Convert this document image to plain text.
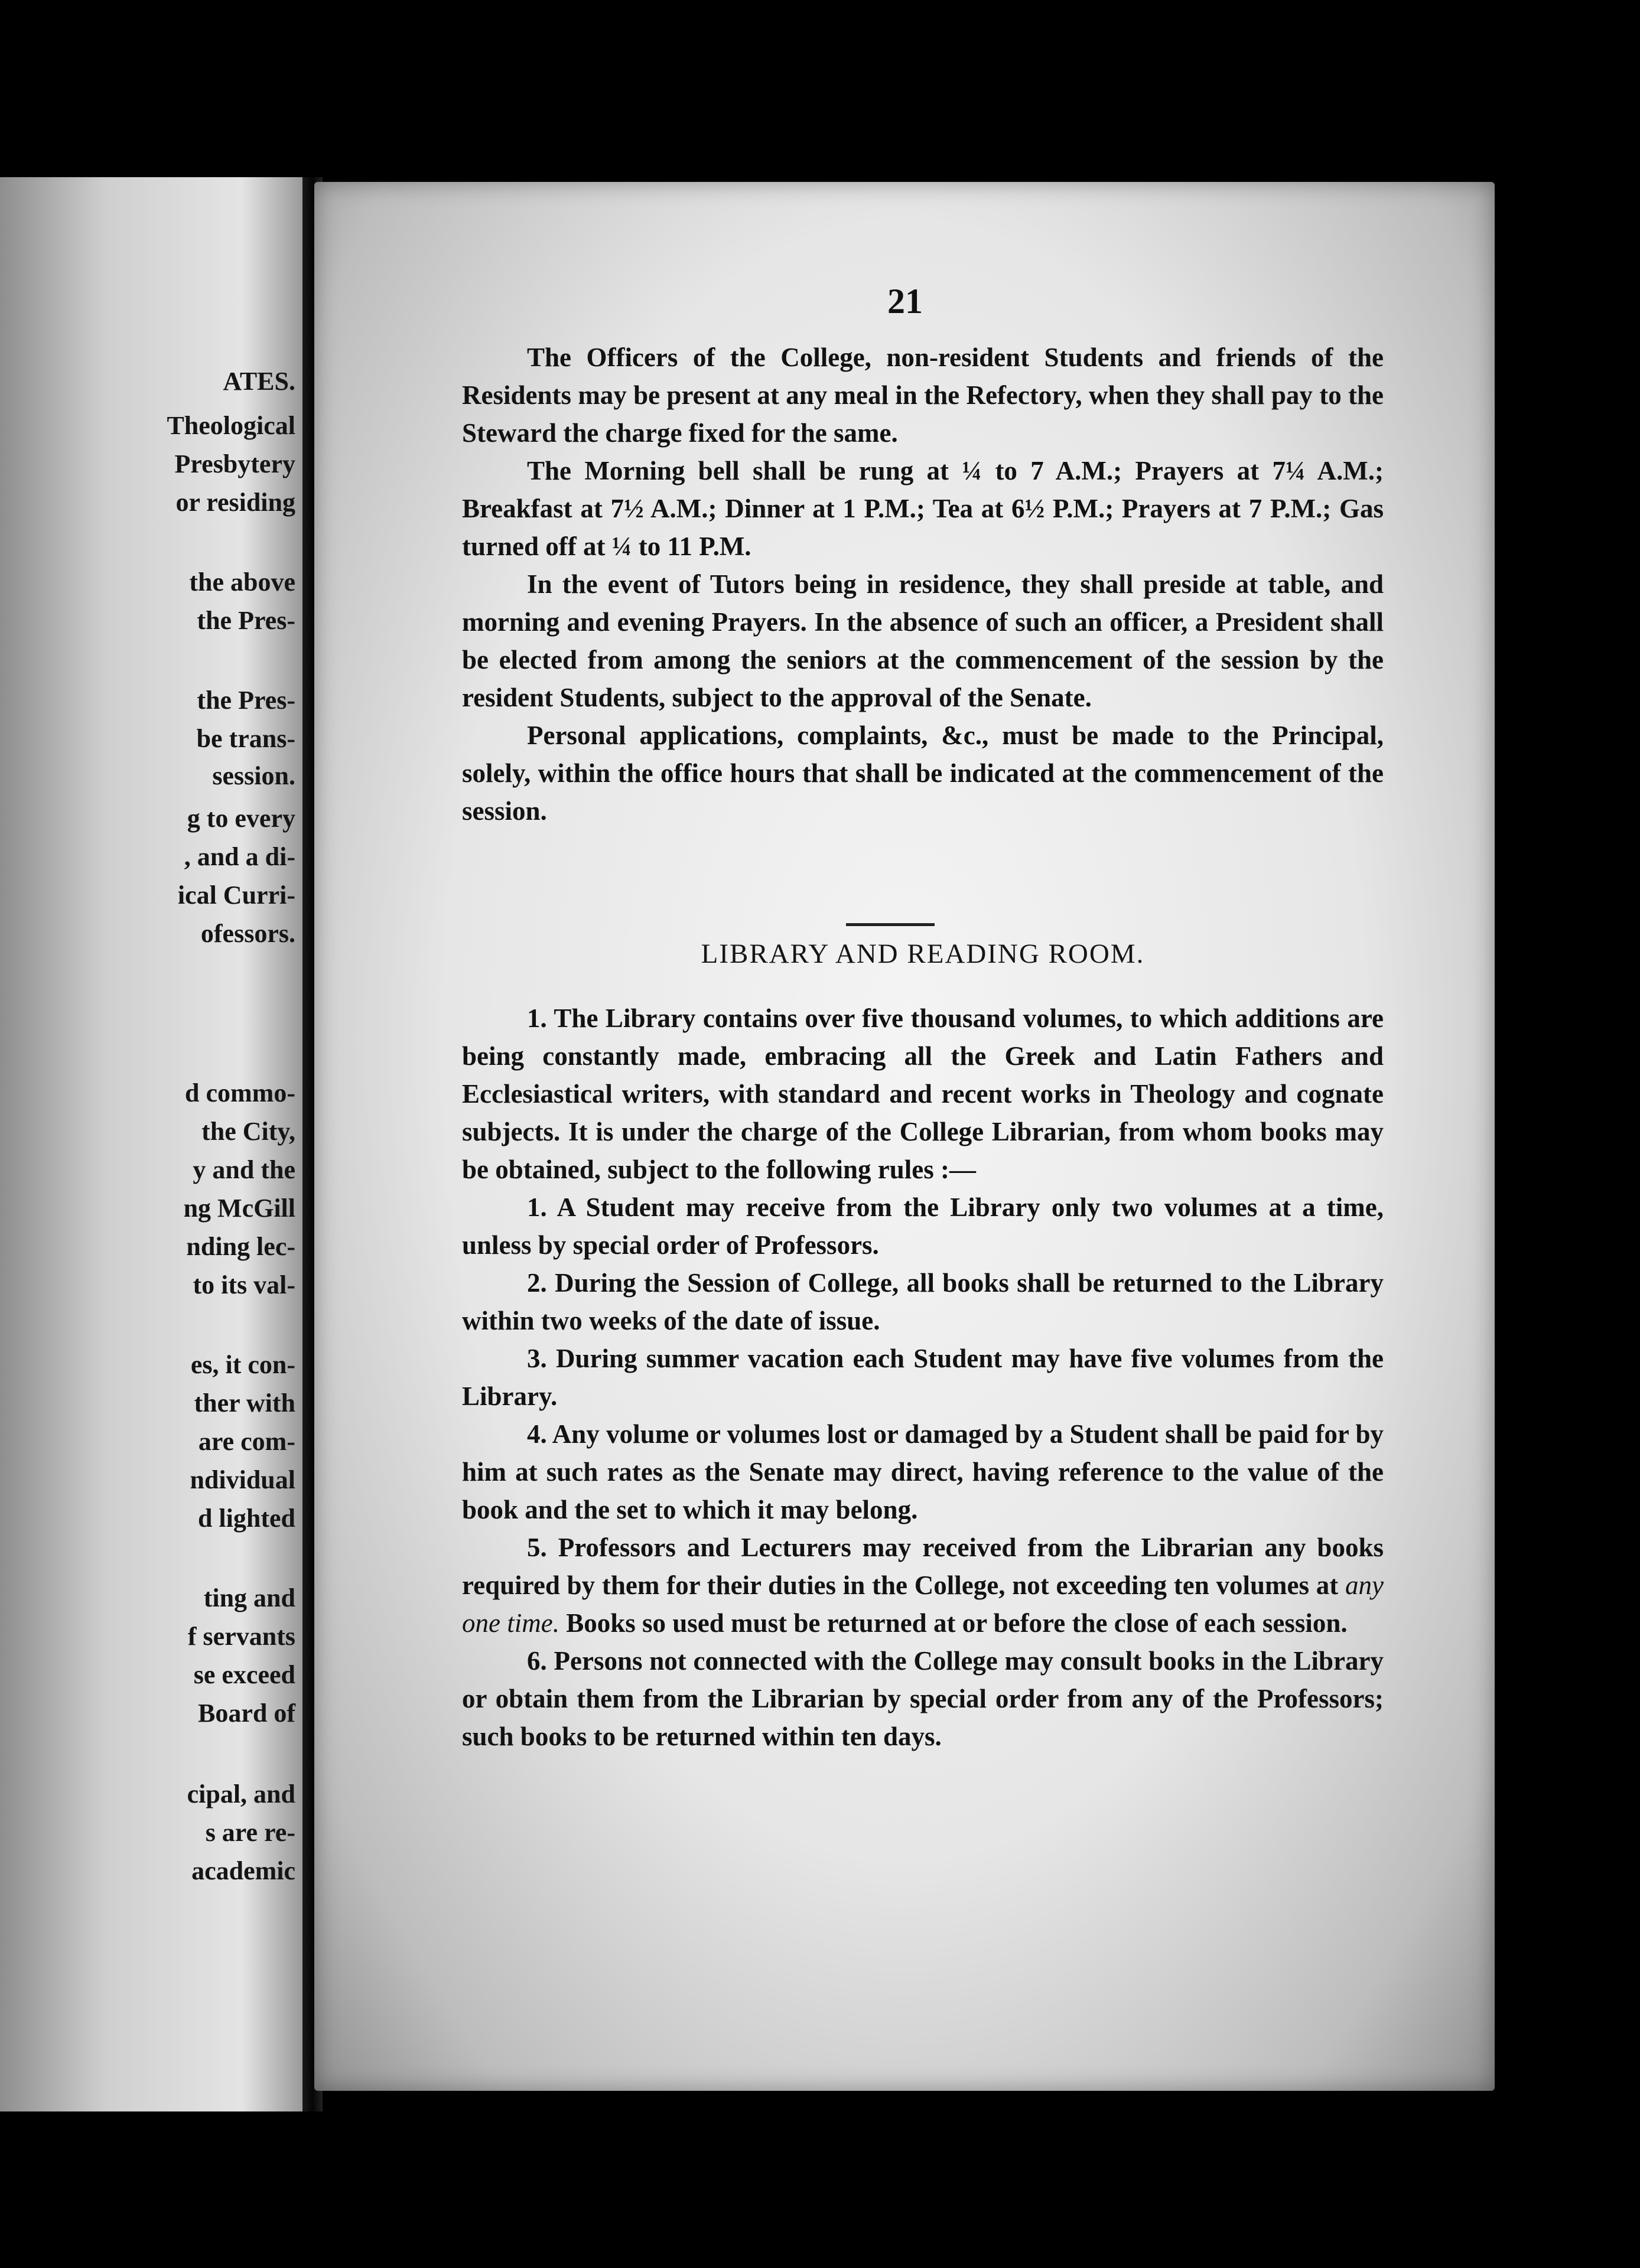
ATES.
Theological
Presbytery
or residing
the above
the Pres-
the Pres-
be trans-
session.
g to every
, and a di-
ical Curri-
ofessors.
d commo-
the City,
y and the
ng McGill
nding lec-
to its val-
es, it con-
ther with
are com-
ndividual
d lighted
ting and
f servants
se exceed
Board of
cipal, and
s are re-
academic
21

The Officers of the College, non-resident Students and friends of the Residents may be present at any meal in the Refectory, when they shall pay to the Steward the charge fixed for the same.

The Morning bell shall be rung at ¼ to 7 A.M.; Prayers at 7¼ A.M.; Breakfast at 7½ A.M.; Dinner at 1 P.M.; Tea at 6½ P.M.; Prayers at 7 P.M.; Gas turned off at ¼ to 11 P.M.

In the event of Tutors being in residence, they shall preside at table, and morning and evening Prayers. In the absence of such an officer, a President shall be elected from among the seniors at the commencement of the session by the resident Students, subject to the approval of the Senate.

Personal applications, complaints, &c., must be made to the Principal, solely, within the office hours that shall be indicated at the commencement of the session.

LIBRARY AND READING ROOM.

1. The Library contains over five thousand volumes, to which additions are being constantly made, embracing all the Greek and Latin Fathers and Ecclesiastical writers, with standard and recent works in Theology and cognate subjects. It is under the charge of the College Librarian, from whom books may be obtained, subject to the following rules :—

1. A Student may receive from the Library only two volumes at a time, unless by special order of Professors.

2. During the Session of College, all books shall be returned to the Library within two weeks of the date of issue.

3. During summer vacation each Student may have five volumes from the Library.

4. Any volume or volumes lost or damaged by a Student shall be paid for by him at such rates as the Senate may direct, having reference to the value of the book and the set to which it may belong.

5. Professors and Lecturers may received from the Librarian any books required by them for their duties in the College, not exceeding ten volumes at any one time. Books so used must be returned at or before the close of each session.

6. Persons not connected with the College may consult books in the Library or obtain them from the Librarian by special order from any of the Professors; such books to be returned within ten days.
